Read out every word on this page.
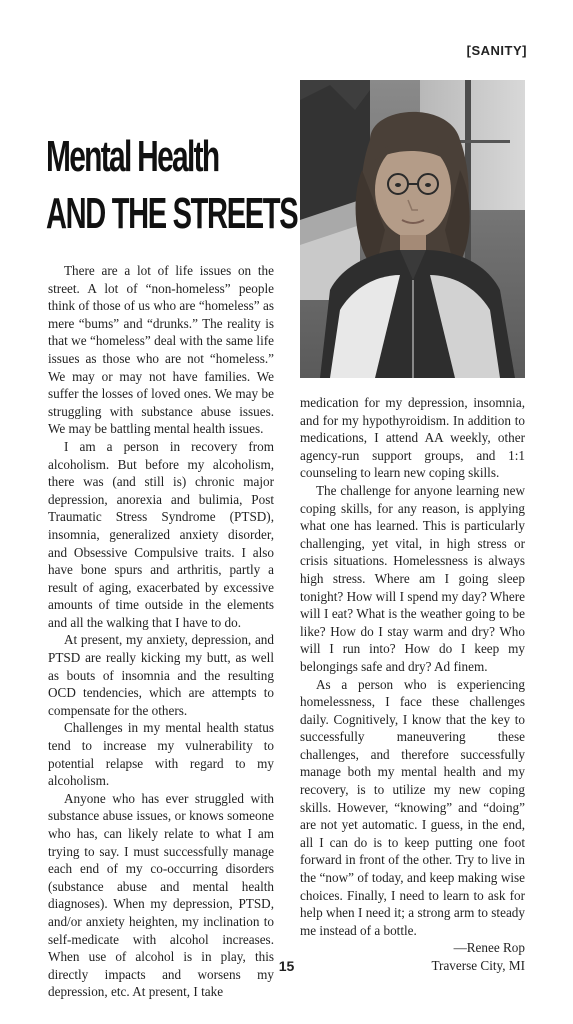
[SANITY]
Mental Health
AND THE STREETS

There are a lot of life issues on the street. A lot of “non-homeless” people think of those of us who are “homeless” as mere “bums” and “drunks.” The reality is that we “homeless” deal with the same life issues as those who are not “homeless.” We may or may not have families. We suffer the losses of loved ones. We may be struggling with substance abuse issues. We may be battling mental health issues.

I am a person in recovery from alcoholism. But before my alcoholism, there was (and still is) chronic major depression, anorexia and bulimia, Post Traumatic Stress Syndrome (PTSD), insomnia, generalized anxiety disorder, and Obsessive Compulsive traits. I also have bone spurs and arthritis, partly a result of aging, exacerbated by excessive amounts of time outside in the elements and all the walking that I have to do.

At present, my anxiety, depression, and PTSD are really kicking my butt, as well as bouts of insomnia and the resulting OCD tendencies, which are attempts to compensate for the others.

Challenges in my mental health status tend to increase my vulnerability to potential relapse with regard to my alcoholism.

Anyone who has ever struggled with substance abuse issues, or knows someone who has, can likely relate to what I am trying to say. I must successfully manage each end of my co-occurring disorders (substance abuse and mental health diagnoses). When my depression, PTSD, and/or anxiety heighten, my inclination to self-medicate with alcohol increases. When use of alcohol is in play, this directly impacts and worsens my depression, etc. At present, I take

medication for my depression, insomnia, and for my hypothyroidism. In addition to medications, I attend AA weekly, other agency-run support groups, and 1:1 counseling to learn new coping skills.

The challenge for anyone learning new coping skills, for any reason, is applying what one has learned. This is particularly challenging, yet vital, in high stress or crisis situations. Homelessness is always high stress. Where am I going sleep tonight? How will I spend my day? Where will I eat? What is the weather going to be like? How do I stay warm and dry? Who will I run into? How do I keep my belongings safe and dry? Ad finem.

As a person who is experiencing homelessness, I face these challenges daily. Cognitively, I know that the key to successfully maneuvering these challenges, and therefore successfully manage both my mental health and my recovery, is to utilize my new coping skills. However, “knowing” and “doing” are not yet automatic. I guess, in the end, all I can do is to keep putting one foot forward in front of the other. Try to live in the “now” of today, and keep making wise choices. Finally, I need to learn to ask for help when I need it; a strong arm to steady me instead of a bottle.

—Renee Rop

Traverse City, MI

15
